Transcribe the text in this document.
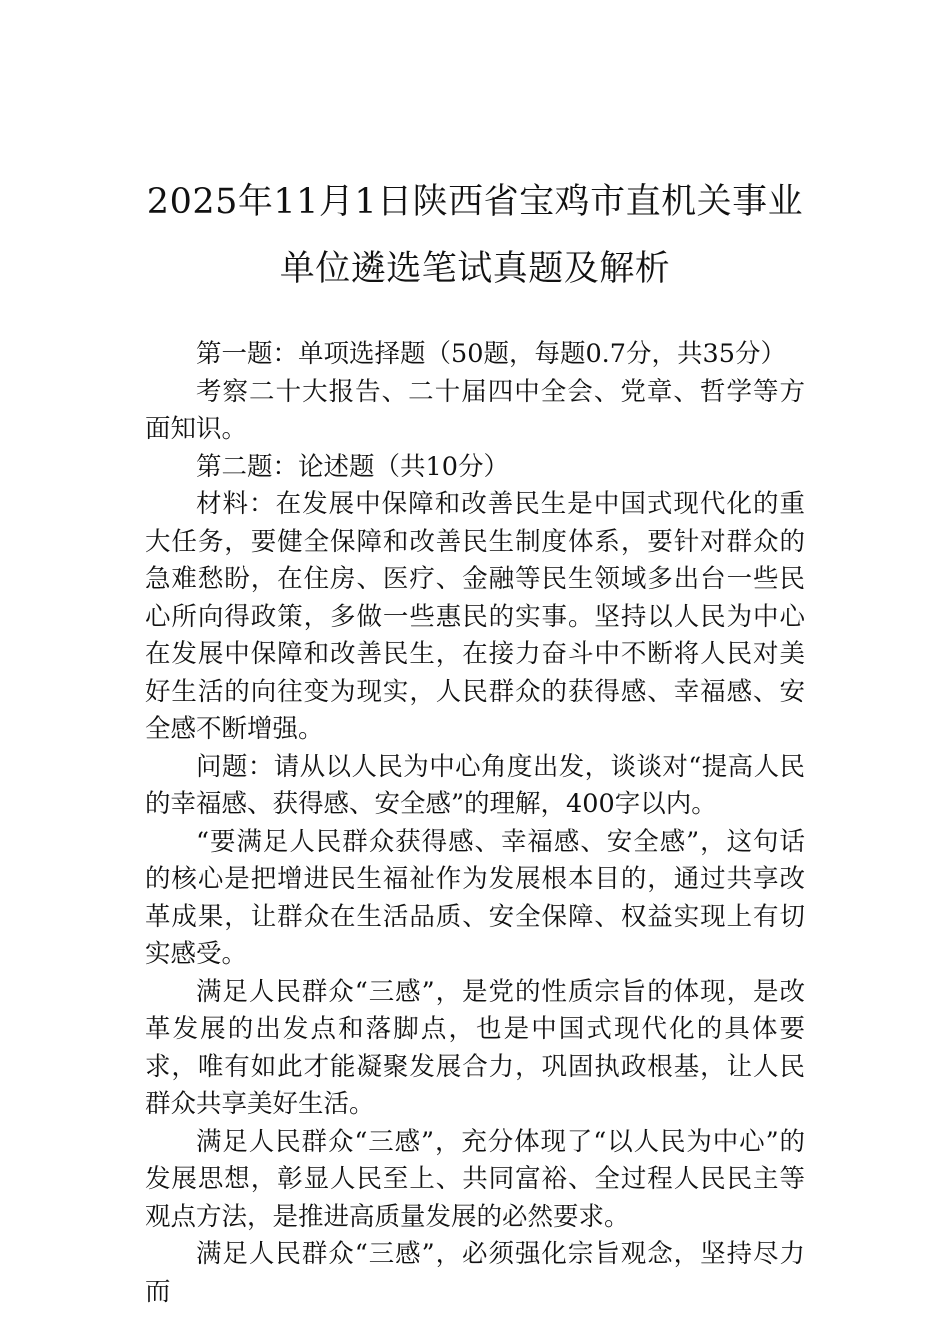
2025年11月1日陕西省宝鸡市直机关事业
单位遴选笔试真题及解析

第一题：单项选择题（50题，每题0.7分，共35分）

考察二十大报告、二十届四中全会、党章、哲学等方面知识。

第二题：论述题（共10分）

材料：在发展中保障和改善民生是中国式现代化的重大任务，要健全保障和改善民生制度体系，要针对群众的急难愁盼，在住房、医疗、金融等民生领域多出台一些民心所向得政策，多做一些惠民的实事。坚持以人民为中心在发展中保障和改善民生，在接力奋斗中不断将人民对美好生活的向往变为现实，人民群众的获得感、幸福感、安全感不断增强。

问题：请从以人民为中心角度出发，谈谈对“提高人民的幸福感、获得感、安全感”的理解，400字以内。

“要满足人民群众获得感、幸福感、安全感”，这句话的核心是把增进民生福祉作为发展根本目的，通过共享改革成果，让群众在生活品质、安全保障、权益实现上有切实感受。

满足人民群众“三感”，是党的性质宗旨的体现，是改革发展的出发点和落脚点，也是中国式现代化的具体要求，唯有如此才能凝聚发展合力，巩固执政根基，让人民群众共享美好生活。

满足人民群众“三感”，充分体现了“以人民为中心”的发展思想，彰显人民至上、共同富裕、全过程人民民主等观点方法，是推进高质量发展的必然要求。

满足人民群众“三感”，必须强化宗旨观念，坚持尽力而
